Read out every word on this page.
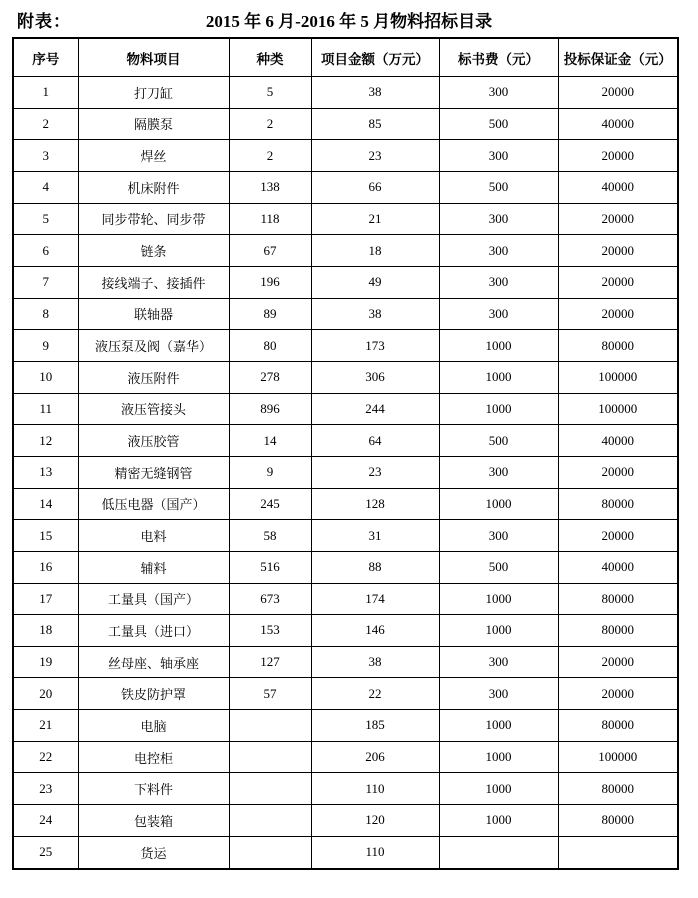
附表：	2015 年 6 月-2016 年 5 月物料招标目录
序号	物料项目	种类	项目金额（万元）	标书费（元）	投标保证金（元）
1	打刀缸	5	38	300	20000
2	隔膜泵	2	85	500	40000
3	焊丝	2	23	300	20000
4	机床附件	138	66	500	40000
5	同步带轮、同步带	118	21	300	20000
6	链条	67	18	300	20000
7	接线端子、接插件	196	49	300	20000
8	联轴器	89	38	300	20000
9	液压泵及阀（嘉华）	80	173	1000	80000
10	液压附件	278	306	1000	100000
11	液压管接头	896	244	1000	100000
12	液压胶管	14	64	500	40000
13	精密无缝钢管	9	23	300	20000
14	低压电器（国产）	245	128	1000	80000
15	电料	58	31	300	20000
16	辅料	516	88	500	40000
17	工量具（国产）	673	174	1000	80000
18	工量具（进口）	153	146	1000	80000
19	丝母座、轴承座	127	38	300	20000
20	铁皮防护罩	57	22	300	20000
21	电脑		185	1000	80000
22	电控柜		206	1000	100000
23	下料件		110	1000	80000
24	包装箱		120	1000	80000
25	货运		110		
